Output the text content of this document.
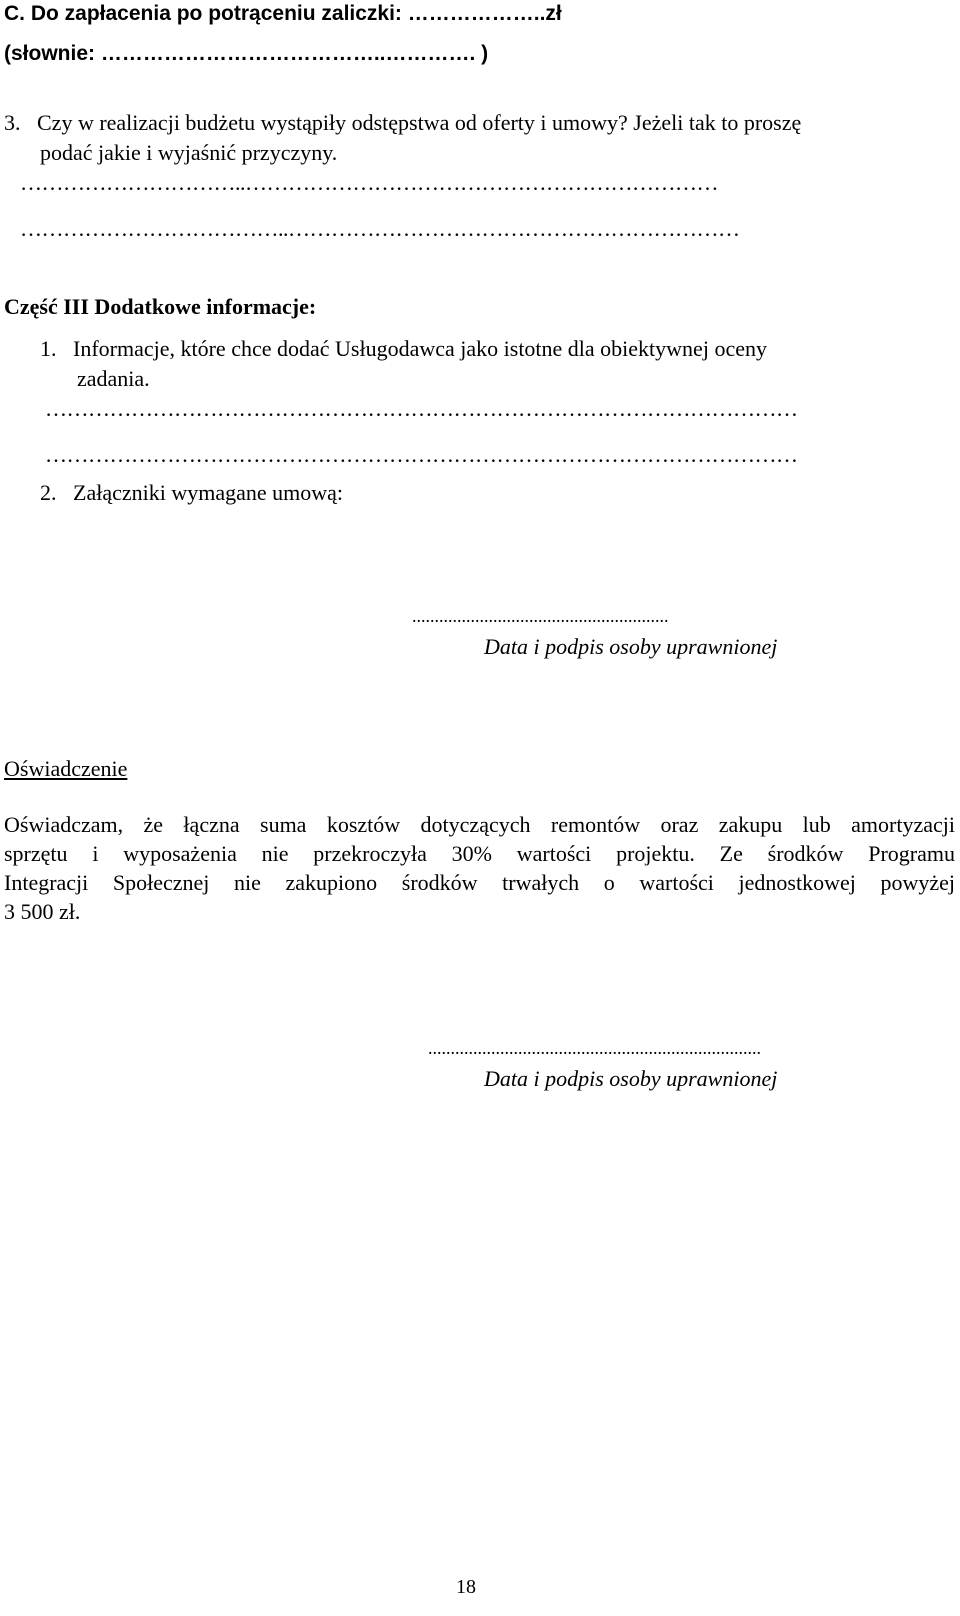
C. Do zapłacenia po potrąceniu zaliczki: ………………..zł
(słownie: …………………………………..…………. )
3.   Czy w realizacji budżetu wystąpiły odstępstwa od oferty i umowy? Jeżeli tak to proszę
podać jakie i wyjaśnić przyczyny.
…………………………..…………………………………………………………
………………………………..………………………………………………………
Część III Dodatkowe informacje:
1.   Informacje, które chce dodać Usługodawca jako istotne dla obiektywnej oceny
zadania.
……………………………………………………………………………………………
……………………………………………………………………………………………
2.   Załączniki wymagane umową:
.........................................................
Data i podpis osoby uprawnionej
Oświadczenie
Oświadczam, że łączna suma kosztów dotyczących remontów oraz zakupu lub amortyzacji
sprzętu i wyposażenia nie przekroczyła 30% wartości projektu. Ze środków Programu
Integracji Społecznej nie zakupiono środków trwałych o wartości jednostkowej powyżej
3 500 zł.
..........................................................................
Data i podpis osoby uprawnionej
18
